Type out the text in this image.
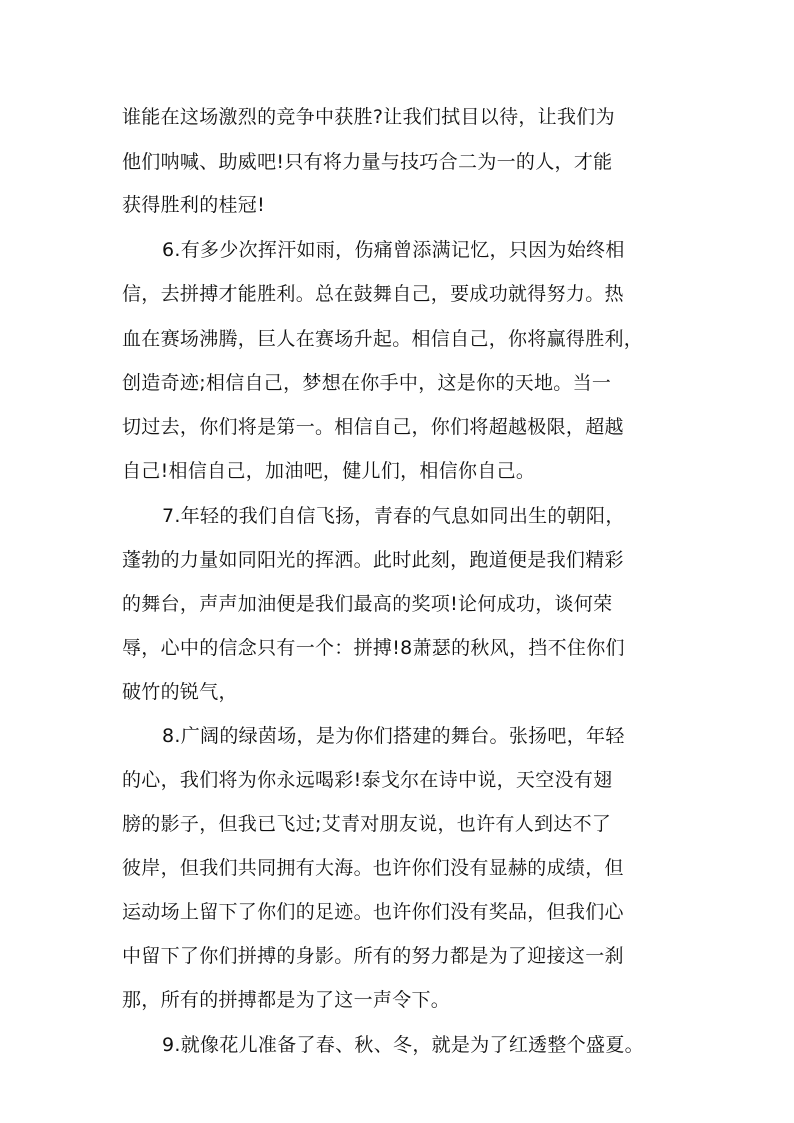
谁能在这场激烈的竞争中获胜?让我们拭目以待，让我们为
他们呐喊、助威吧!只有将力量与技巧合二为一的人，才能
获得胜利的桂冠!
6.有多少次挥汗如雨，伤痛曾添满记忆，只因为始终相
信，去拼搏才能胜利。总在鼓舞自己，要成功就得努力。热
血在赛场沸腾，巨人在赛场升起。相信自己，你将赢得胜利，
创造奇迹;相信自己，梦想在你手中，这是你的天地。当一
切过去，你们将是第一。相信自己，你们将超越极限，超越
自己!相信自己，加油吧，健儿们，相信你自己。
7.年轻的我们自信飞扬，青春的气息如同出生的朝阳，
蓬勃的力量如同阳光的挥洒。此时此刻，跑道便是我们精彩
的舞台，声声加油便是我们最高的奖项!论何成功，谈何荣
辱，心中的信念只有一个：拼搏!8萧瑟的秋风，挡不住你们
破竹的锐气，
8.广阔的绿茵场，是为你们搭建的舞台。张扬吧，年轻
的心，我们将为你永远喝彩!泰戈尔在诗中说，天空没有翅
膀的影子，但我已飞过;艾青对朋友说，也许有人到达不了
彼岸，但我们共同拥有大海。也许你们没有显赫的成绩，但
运动场上留下了你们的足迹。也许你们没有奖品，但我们心
中留下了你们拼搏的身影。所有的努力都是为了迎接这一刹
那，所有的拼搏都是为了这一声令下。
9.就像花儿准备了春、秋、冬，就是为了红透整个盛夏。
